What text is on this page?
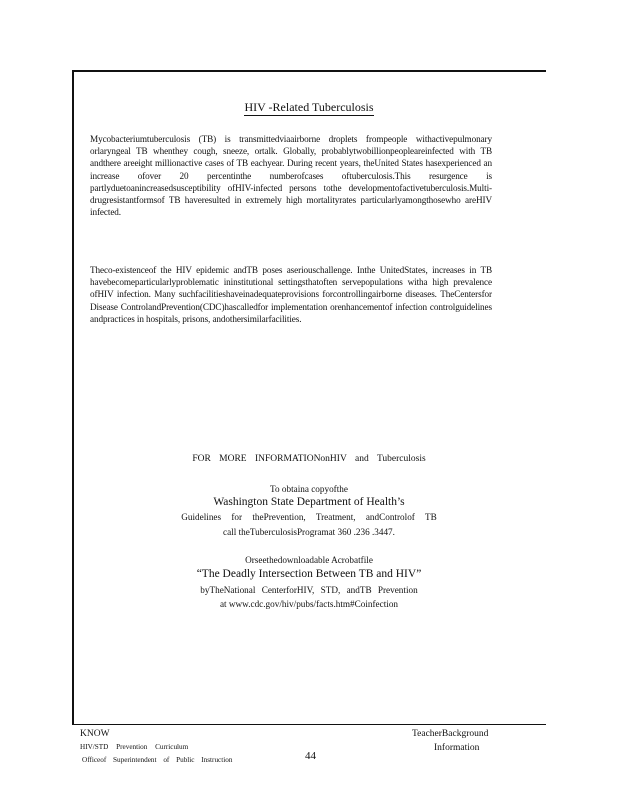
HIV -Related Tuberculosis
Mycobacteriumtuberculosis (TB) is transmittedviaairborne droplets frompeople withactivepulmonary orlaryngeal TB whenthey cough, sneeze, ortalk. Globally, probablytwobillionpeopleareinfected with TB andthere areeight millionactive cases of TB eachyear. During recent years, theUnited States hasexperienced an increase ofover 20 percentinthe numberofcases oftuberculosis.This resurgence is partlyduetoanincreasedsusceptibility ofHIV-infected persons tothe developmentofactivetuberculosis.Multi-drugresistantformsof TB haveresulted in extremely high mortalityrates particularlyamongthosewho areHIV infected.
Theco-existenceof the HIV epidemic andTB poses aseriouschallenge. Inthe UnitedStates, increases in TB havebecomeparticularlyproblematic ininstitutional settingsthatoften servepopulations witha high prevalence ofHIV infection. Many suchfacilitieshaveinadequateprovisions forcontrollingairborne diseases. TheCentersfor Disease ControlandPrevention(CDC)hascalledfor implementation orenhancementof infection controlguidelines andpractices in hospitals, prisons, andothersimilarfacilities.
FOR MORE INFORMATIONonHIV and Tuberculosis
To obtaina copyofthe
Washington State Department of Health’s
Guidelines for thePrevention, Treatment, andControlof TB
call theTuberculosisProgramat 360 .236 .3447.
Orseethedownloadable Acrobatfile
“The Deadly Intersection Between TB and HIV”
byTheNational CenterforHIV, STD, andTB Prevention
at www.cdc.gov/hiv/pubs/facts.htm#Coinfection
KNOW
HIV/STD Prevention Curriculum
Officeof Superintendent of Public Instruction	44
TeacherBackground
Information
